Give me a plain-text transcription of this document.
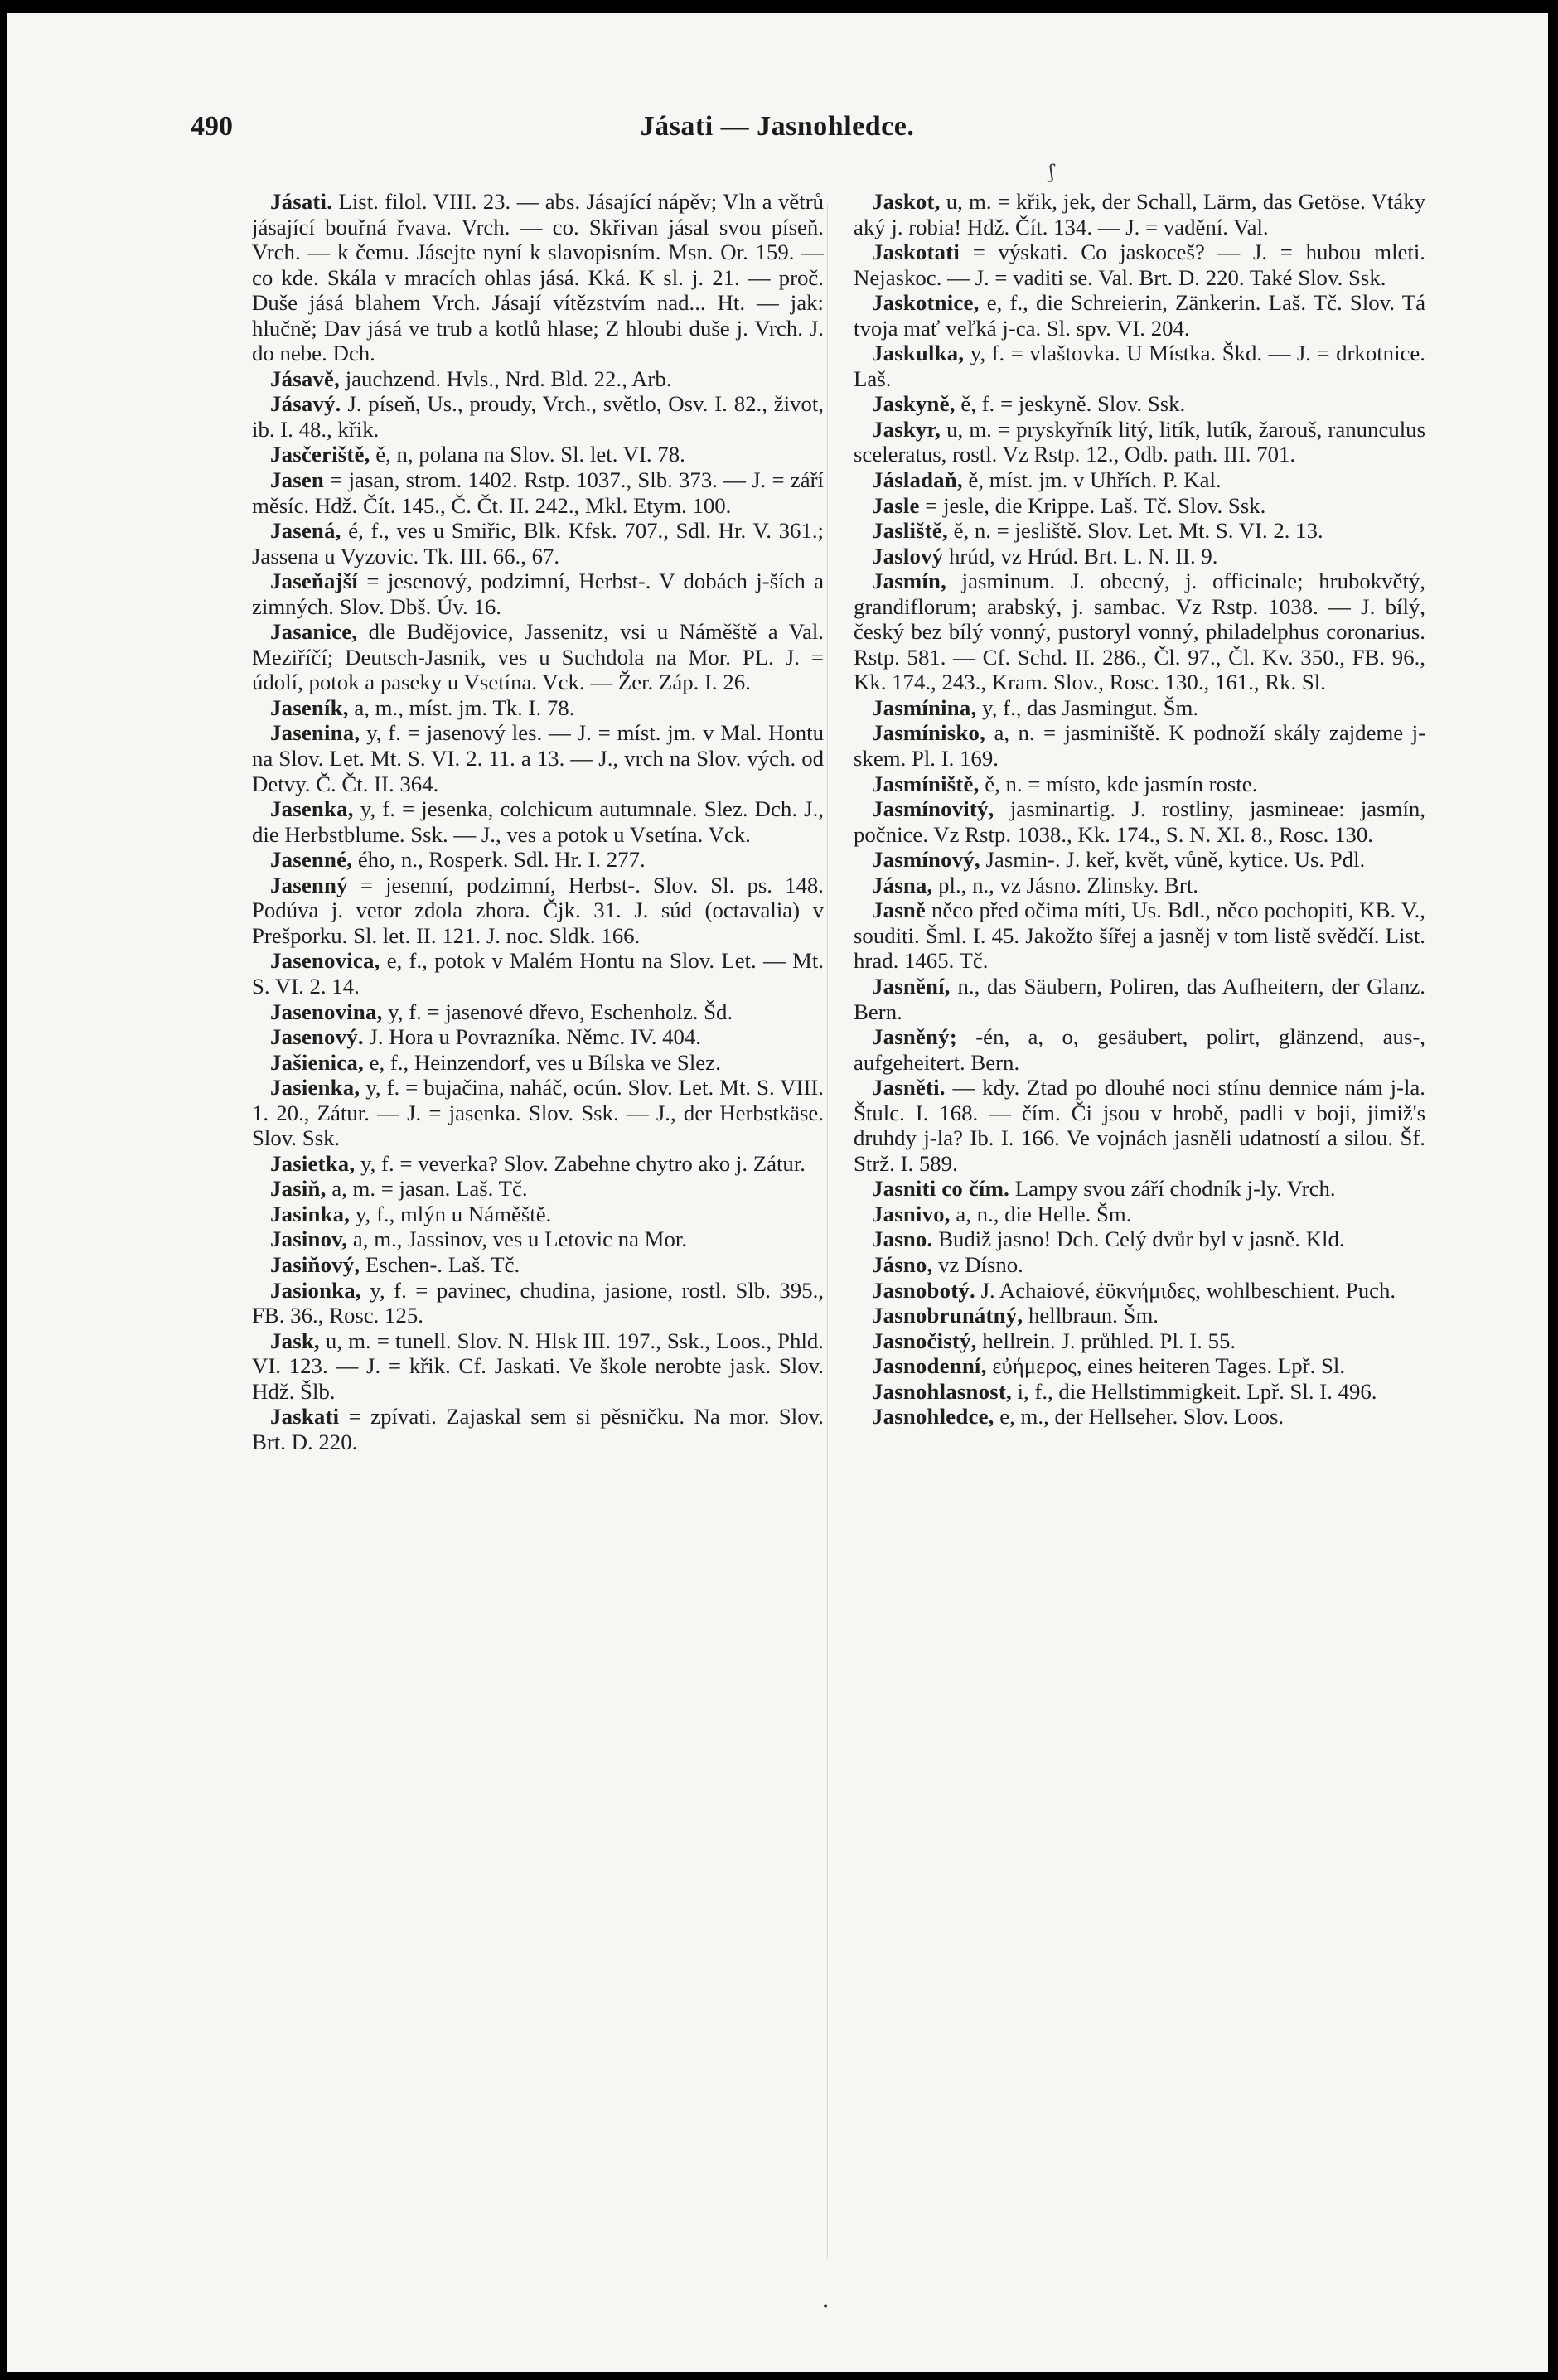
490	Jásati — Jasnohledce.

Jásati. List. filol. VIII. 23. — abs. Jásající nápěv; Vln a větrů jásající bouřná řvava. Vrch. — co. Skřivan jásal svou píseň. Vrch. — k čemu. Jásejte nyní k slavopisním. Msn. Or. 159. — co kde. Skála v mracích ohlas jásá. Kká. K sl. j. 21. — proč. Duše jásá blahem Vrch. Jásají vítězstvím nad... Ht. — jak: hlučně; Dav jásá ve trub a kotlů hlase; Z hloubi duše j. Vrch. J. do nebe. Dch.

Jásavě, jauchzend. Hvls., Nrd. Bld. 22., Arb.

Jásavý. J. píseň, Us., proudy, Vrch., světlo, Osv. I. 82., život, ib. I. 48., křik.

Jasčeriště, ě, n, polana na Slov. Sl. let. VI. 78.

Jasen = jasan, strom. 1402. Rstp. 1037., Slb. 373. — J. = září měsíc. Hdž. Čít. 145., Č. Čt. II. 242., Mkl. Etym. 100.

Jasená, é, f., ves u Smiřic, Blk. Kfsk. 707., Sdl. Hr. V. 361.; Jassena u Vyzovic. Tk. III. 66., 67.

Jaseňajší = jesenový, podzimní, Herbst-. V dobách j-ších a zimných. Slov. Dbš. Úv. 16.

Jasanice, dle Budějovice, Jassenitz, vsi u Náměště a Val. Meziříčí; Deutsch-Jasnik, ves u Suchdola na Mor. PL. J. = údolí, potok a paseky u Vsetína. Vck. — Žer. Záp. I. 26.

Jaseník, a, m., míst. jm. Tk. I. 78.

Jasenina, y, f. = jasenový les. — J. = míst. jm. v Mal. Hontu na Slov. Let. Mt. S. VI. 2. 11. a 13. — J., vrch na Slov. vých. od Detvy. Č. Čt. II. 364.

Jasenka, y, f. = jesenka, colchicum autumnale. Slez. Dch. J., die Herbstblume. Ssk. — J., ves a potok u Vsetína. Vck.

Jasenné, ého, n., Rosperk. Sdl. Hr. I. 277.

Jasenný = jesenní, podzimní, Herbst-. Slov. Sl. ps. 148. Podúva j. vetor zdola zhora. Čjk. 31. J. súd (octavalia) v Prešporku. Sl. let. II. 121. J. noc. Sldk. 166.

Jasenovica, e, f., potok v Malém Hontu na Slov. Let. — Mt. S. VI. 2. 14.

Jasenovina, y, f. = jasenové dřevo, Eschenholz. Šd.

Jasenový. J. Hora u Povrazníka. Němc. IV. 404.

Jašienica, e, f., Heinzendorf, ves u Bílska ve Slez.

Jasienka, y, f. = bujačina, naháč, ocún. Slov. Let. Mt. S. VIII. 1. 20., Zátur. — J. = jasenka. Slov. Ssk. — J., der Herbstkäse. Slov. Ssk.

Jasietka, y, f. = veverka? Slov. Zabehne chytro ako j. Zátur.

Jasiň, a, m. = jasan. Laš. Tč.

Jasinka, y, f., mlýn u Náměště.

Jasinov, a, m., Jassinov, ves u Letovic na Mor.

Jasiňový, Eschen-. Laš. Tč.

Jasionka, y, f. = pavinec, chudina, jasione, rostl. Slb. 395., FB. 36., Rosc. 125.

Jask, u, m. = tunell. Slov. N. Hlsk III. 197., Ssk., Loos., Phld. VI. 123. — J. = křik. Cf. Jaskati. Ve škole nerobte jask. Slov. Hdž. Šlb.

Jaskati = zpívati. Zajaskal sem si pěsničku. Na mor. Slov. Brt. D. 220.

Jaskot, u, m. = křik, jek, der Schall, Lärm, das Getöse. Vtáky aký j. robia! Hdž. Čít. 134. — J. = vadění. Val.

Jaskotati = výskati. Co jaskoceš? — J. = hubou mleti. Nejaskoc. — J. = vaditi se. Val. Brt. D. 220. Také Slov. Ssk.

Jaskotnice, e, f., die Schreierin, Zänkerin. Laš. Tč. Slov. Tá tvoja mať veľká j-ca. Sl. spv. VI. 204.

Jaskulka, y, f. = vlaštovka. U Místka. Škd. — J. = drkotnice. Laš.

Jaskyně, ě, f. = jeskyně. Slov. Ssk.

Jaskyr, u, m. = pryskyřník litý, litík, lutík, žarouš, ranunculus sceleratus, rostl. Vz Rstp. 12., Odb. path. III. 701.

Jásladaň, ě, míst. jm. v Uhřích. P. Kal.

Jasle = jesle, die Krippe. Laš. Tč. Slov. Ssk.

Jasliště, ě, n. = jesliště. Slov. Let. Mt. S. VI. 2. 13.

Jaslový hrúd, vz Hrúd. Brt. L. N. II. 9.

Jasmín, jasminum. J. obecný, j. officinale; hrubokvětý, grandiflorum; arabský, j. sambac. Vz Rstp. 1038. — J. bílý, český bez bílý vonný, pustoryl vonný, philadelphus coronarius. Rstp. 581. — Cf. Schd. II. 286., Čl. 97., Čl. Kv. 350., FB. 96., Kk. 174., 243., Kram. Slov., Rosc. 130., 161., Rk. Sl.

Jasmínina, y, f., das Jasmingut. Šm.

Jasmínisko, a, n. = jasminiště. K podnoží skály zajdeme j-skem. Pl. I. 169.

Jasmíniště, ě, n. = místo, kde jasmín roste.

Jasmínovitý, jasminartig. J. rostliny, jasmineae: jasmín, počnice. Vz Rstp. 1038., Kk. 174., S. N. XI. 8., Rosc. 130.

Jasmínový, Jasmin-. J. keř, květ, vůně, kytice. Us. Pdl.

Jásna, pl., n., vz Jásno. Zlinsky. Brt.

Jasně něco před očima míti, Us. Bdl., něco pochopiti, KB. V., souditi. Šml. I. 45. Jakožto šířej a jasněj v tom listě svědčí. List. hrad. 1465. Tč.

Jasnění, n., das Säubern, Poliren, das Aufheitern, der Glanz. Bern.

Jasněný; -én, a, o, gesäubert, polirt, glänzend, aus-, aufgeheitert. Bern.

Jasněti. — kdy. Ztad po dlouhé noci stínu dennice nám j-la. Štulc. I. 168. — čím. Či jsou v hrobě, padli v boji, jimiž's druhdy j-la? Ib. I. 166. Ve vojnách jasněli udatností a silou. Šf. Strž. I. 589.

Jasniti co čím. Lampy svou září chodník j-ly. Vrch.

Jasnivo, a, n., die Helle. Šm.

Jasno. Budiž jasno! Dch. Celý dvůr byl v jasně. Kld.

Jásno, vz Dísno.

Jasnobotý. J. Achaiové, ἐϋκνήμιδες, wohlbeschient. Puch.

Jasnobrunátný, hellbraun. Šm.

Jasnočistý, hellrein. J. průhled. Pl. I. 55.

Jasnodenní, εὐήμερος, eines heiteren Tages. Lpř. Sl.

Jasnohlasnost, i, f., die Hellstimmigkeit. Lpř. Sl. I. 496.

Jasnohledce, e, m., der Hellseher. Slov. Loos.

ʃ
•
